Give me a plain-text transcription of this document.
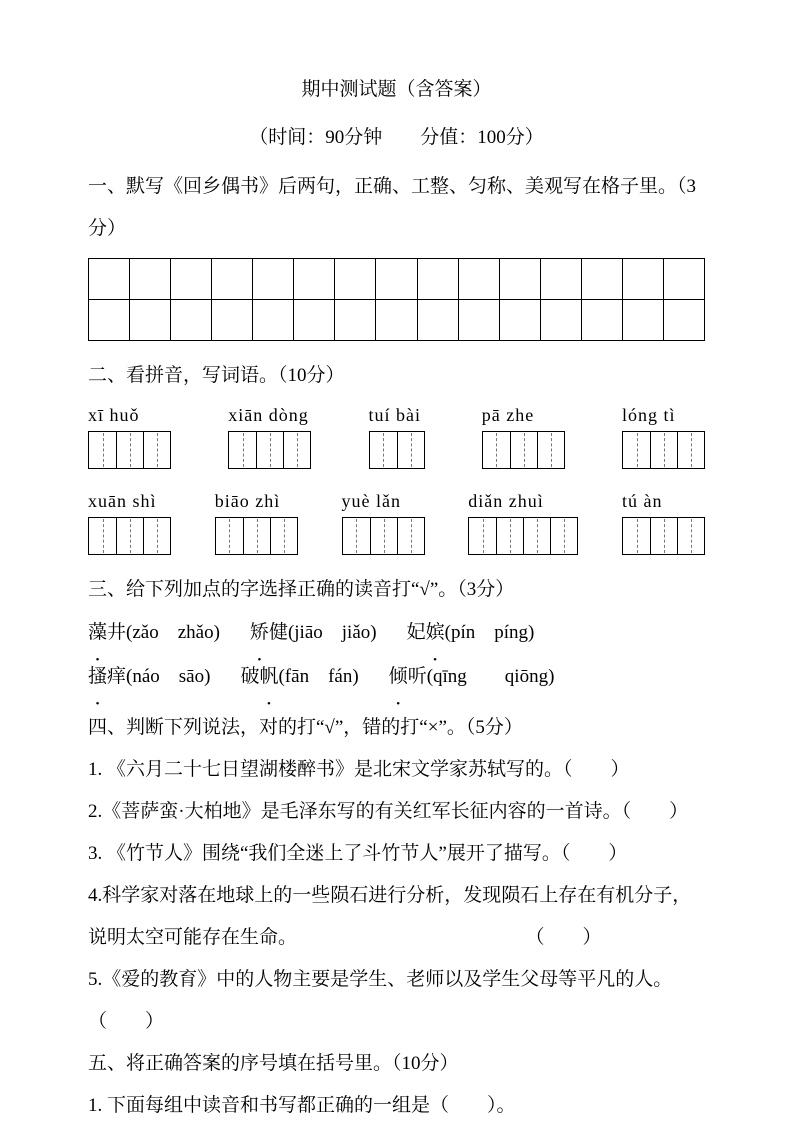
期中测试题（含答案）
（时间：90分钟　　分值：100分）

一、默写《回乡偶书》后两句，正确、工整、匀称、美观写在格子里。（3分）

二、看拼音，写词语。（10分）

xī huǒ	xiān dòng	tuí bài	pā zhe	lóng tì
xuān shì	biāo zhì	yuè lǎn	diǎn zhuì	tú àn

三、给下列加点的字选择正确的读音打“√”。（3分）

藻井(zǎo　zhǎo) 矫健(jiāo　jiǎo) 妃嫔(pín　píng)
搔痒(náo　sāo) 破帆(fān　fán) 倾听(qīng　　qiōng)

四、判断下列说法，对的打“√”，错的打“×”。（5分）

1. 《六月二十七日望湖楼醉书》是北宋文学家苏轼写的。（　　）

2.《菩萨蛮·大柏地》是毛泽东写的有关红军长征内容的一首诗。（　　）

3. 《竹节人》围绕“我们全迷上了斗竹节人”展开了描写。（　　）

4.科学家对落在地球上的一些陨石进行分析，发现陨石上存在有机分子，说明太空可能存在生命。	（　　）

5.《爱的教育》中的人物主要是学生、老师以及学生父母等平凡的人。（　　）

五、将正确答案的序号填在括号里。（10分）

1. 下面每组中读音和书写都正确的一组是（　　）。
